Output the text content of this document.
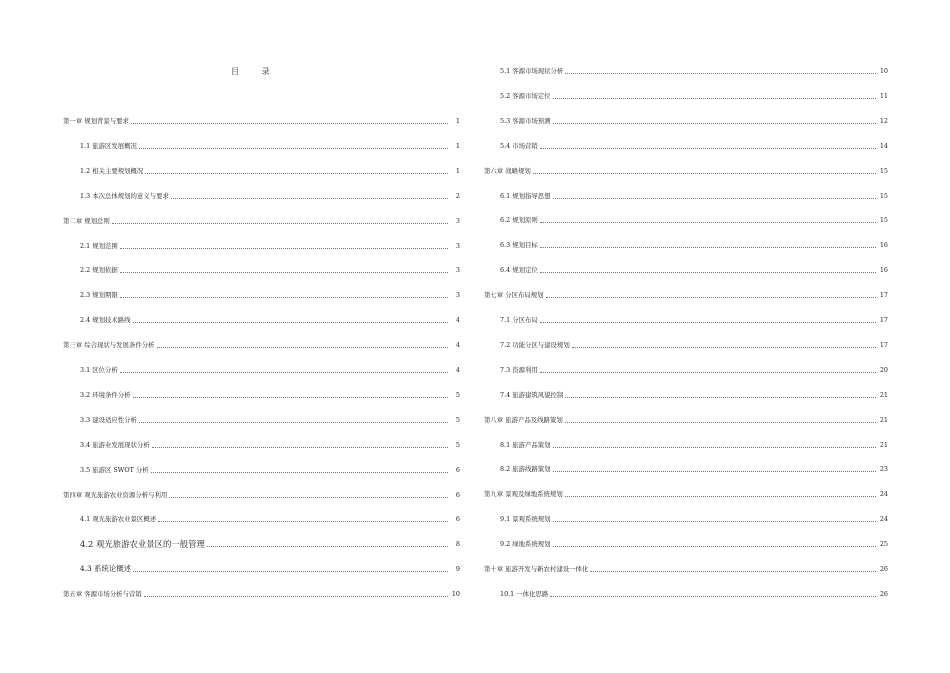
目 录
第一章 规划背景与要求	1
1.1 旅游区发展概况	1
1.2 相关主要规划概况	1
1.3 本次总体规划的意义与要求	2
第二章 规划总则	3
2.1 规划范围	3
2.2 规划依据	3
2.3 规划期限	3
2.4 规划技术路线	4
第三章 综合现状与发展条件分析	4
3.1 区位分析	4
3.2 环境条件分析	5
3.3 建设适应性分析	5
3.4 旅游业发展现状分析	5
3.5 旅游区 SWOT 分析	6
第四章 观光旅游农业资源分析与利用	6
4.1 观光旅游农业景区概述	6
4.2 观光旅游农业景区的一般管理	8
4.3 系统论概述	9
第五章 客源市场分析与营销	10
5.1 客源市场现状分析	10
5.2 客源市场定位	11
5.3 客源市场预测	12
5.4 市场营销	14
第六章 战略规划	15
6.1 规划指导思想	15
6.2 规划原则	15
6.3 规划目标	16
6.4 规划定位	16
第七章 分区布局规划	17
7.1 分区布局	17
7.2 功能分区与建设规划	17
7.3 资源利用	20
7.4 旅游建筑风貌控制	21
第八章 旅游产品及线路策划	21
8.1 旅游产品策划	21
8.2 旅游线路策划	23
第九章 景观及绿地系统规划	24
9.1 景观系统规划	24
9.2 绿地系统规划	25
第十章 旅游开发与新农村建设一体化	26
10.1 一体化思路	26
